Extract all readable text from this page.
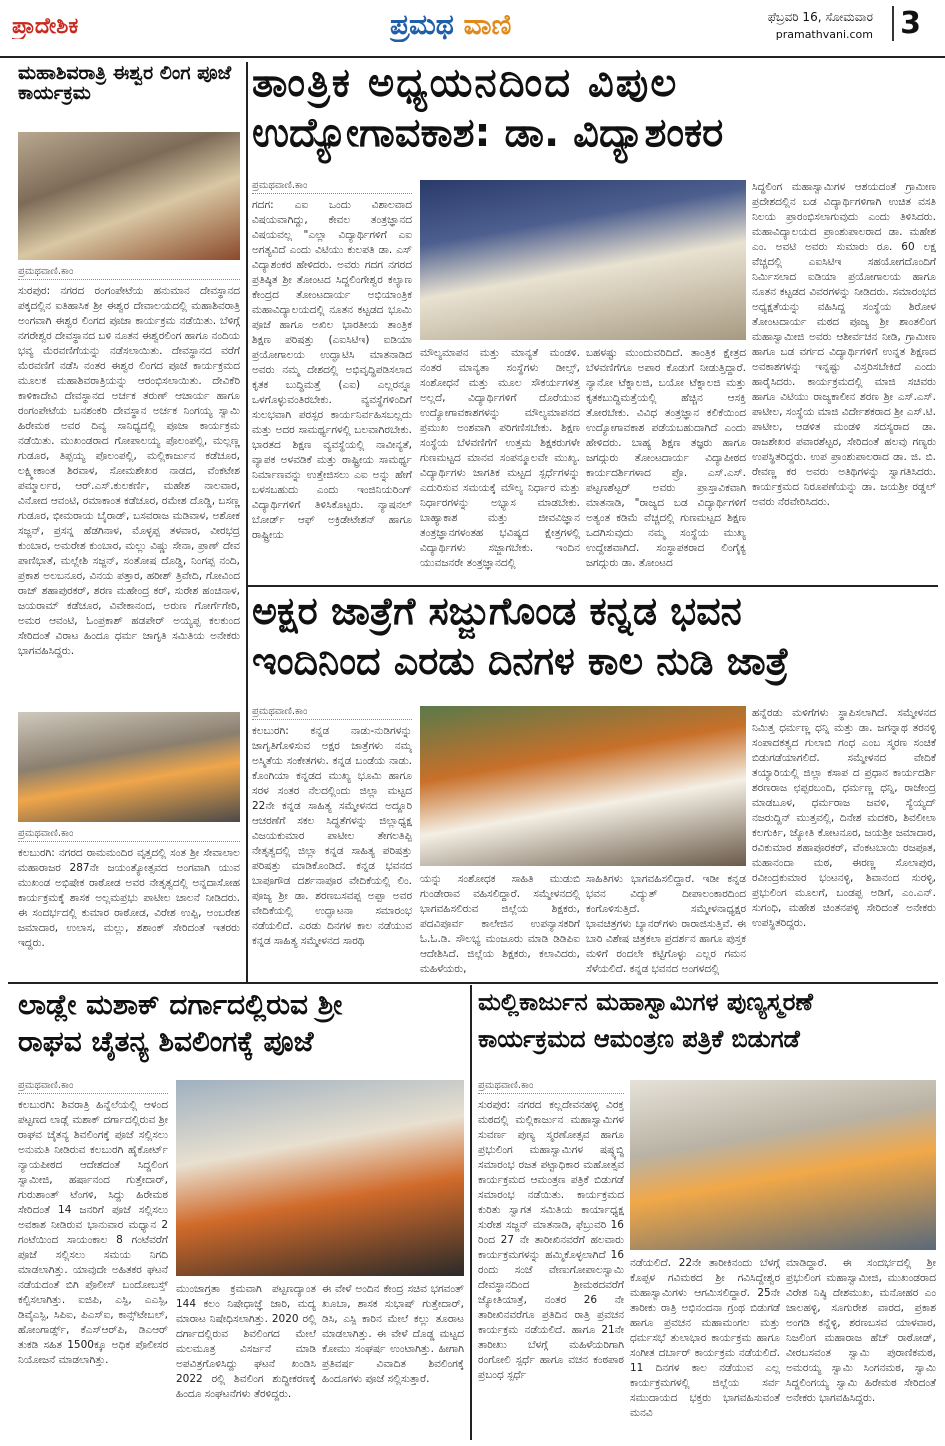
ಪ್ರಾದೇಶಿಕ	ಪ್ರಮಥ ವಾಣಿ	ಫೆಬ್ರವರಿ 16, ಸೋಮವಾರ
pramathvani.com 3
ಮಹಾಶಿವರಾತ್ರಿ ಈಶ್ವರ ಲಿಂಗ ಪೂಜೆ ಕಾರ್ಯಕ್ರಮ
ಪ್ರಮಥವಾಣಿ.ಕಾಂ
ಸುರಪುರ: ನಗರದ ರಂಗಂಪೇಟೆಯ ಹನುಮಾನ ದೇವಸ್ಥಾನದ ಪಕ್ಕದಲ್ಲಿನ ಐತಿಹಾಸಿಕ ಶ್ರೀ ಈಶ್ವರ ದೇವಾಲಯದಲ್ಲಿ ಮಹಾಶಿವರಾತ್ರಿ ಅಂಗವಾಗಿ ಈಶ್ವರ ಲಿಂಗದ ಪೂಜಾ ಕಾರ್ಯಕ್ರಮ ನಡೆಯಿತು. ಬೆಳಿಗ್ಗೆ ನಗರೇಶ್ವರ ದೇವಸ್ಥಾನದ ಬಳಿ ನೂತನ ಈಶ್ವರಲಿಂಗ ಹಾಗೂ ನಂದಿಯ ಭವ್ಯ ಮೆರವಣಿಗೆಯನ್ನು ನಡೆಸಲಾಯಿತು. ದೇವಸ್ಥಾನದ ವರೆಗೆ ಮೆರವಣಿಗೆ ನಡೆಸಿ ನಂತರ ಈಶ್ವರ ಲಿಂಗದ ಪೂಜೆ ಕಾರ್ಯಕ್ರಮದ ಮೂಲಕ ಮಹಾಶಿವರಾತ್ರಿಯನ್ನು ಆರಂಭಿಸಲಾಯಿತು. ದೇವಿಕೆರಿ ಕಾಳಿಕಾದೇವಿ ದೇವಸ್ಥಾನದ ಅರ್ಚಕ ತರುಣ್ ಆಚಾರ್ಯ ಹಾಗೂ ರಂಗಂಪೇಟೆಯ ಬನಶಂಕರಿ ದೇವಸ್ಥಾನ ಅರ್ಚಕ ನಿಂಗಯ್ಯ ಸ್ವಾಮಿ ಹಿರೇಮಠ ಅವರ ದಿವ್ಯ ಸಾನಿಧ್ಯದಲ್ಲಿ ಪೂಜಾ ಕಾರ್ಯಕ್ರಮ ನಡೆಯಿತು. ಮುಖಂಡರಾದ ಗೋಪಾಲಯ್ಯ ಪೊಲಂಪಲ್ಲಿ, ಮಲ್ಲಣ್ಣ ಗುಡೂರ, ತಿಪ್ಪಯ್ಯ ಪೊಲಂಪಲ್ಲಿ, ಮಲ್ಲಿಕಾರ್ಜುನ ಕಡೆಚೂರ, ಲಕ್ಷ್ಮೀಕಾಂತ ಶಿರವಾಳ, ಸೋಮಶೇಖರ ನಾಡದ, ವೆಂಕಟೇಶ ಪಮ್ಮಾರ್ಲರ, ಆರ್.ಎಸ್.ಕುಲಕರ್ಣಿ, ಮಹೇಶ ನಾಲವಾರ, ವಿನೋದ ಆವಂಟಿ, ರಮಾಕಾಂತ ಕಡೆಚೂರ, ರಮೇಶ ದೊಡ್ಡಿ, ಬಸಣ್ಣ ಗುಡೂರ, ಭೀಮರಾಯ ಬೈರಾಡ್, ಬಸವರಾಜ ಮಡಿವಾಳ, ಅಶೋಕ ಸಜ್ಜನ್, ಪ್ರಸನ್ನ ಹೆಡಗಿನಾಳ, ಮೊಳ್ಳಪ್ಪ ತಳವಾರ, ವೀರಭದ್ರ ಕುಂಬಾರ, ಅಮರೇಶ ಕುಂಬಾರ, ಮಲ್ಲು ವಿಷ್ಣು ಸೇನಾ, ಪ್ರಾಣ್ ದೇವ ಪಾಣಿಭಾತೆ, ಮಲ್ಲೇಶಿ ಸಜ್ಜನ್, ಸಂತೋಷ ದೊಡ್ಡಿ, ನಿಂಗಪ್ಪ ನಂದಿ, ಪ್ರಕಾಶ ಅಲಬನೂರ, ವಿನಯ ಪತ್ತಾರ, ಹರೀಶ್ ತ್ರಿವೇದಿ, ಗೋವಿಂದ ರಾಜ್ ಶಹಾಪುರಕರ್, ಶರಣ ಮಹೇಂದ್ರ ಕರ್, ಸುರೇಶ ಹಂಚಿನಾಳ, ಜಯರಾಮ್ ಕಡೆಚೂರ, ವಿವೇಕಾನಂದ, ಅರುಣ ಗೋರ್ಗೆಗೇರಿ, ಅಮರ ಆವಂಟಿ, ಓಂಪ್ರಕಾಶ್ ಹಡಪೇರ್ ಅಯ್ಯಪ್ಪ ಕಲಕುಂದ ಸೇರಿದಂತೆ ವಿರಾಟ ಹಿಂದೂ ಧರ್ಮ ಜಾಗೃತಿ ಸಮಿತಿಯ ಅನೇಕರು ಭಾಗವಹಿಸಿದ್ದರು.
ಪ್ರಮಥವಾಣಿ.ಕಾಂ
ಕಲಬುರಗಿ: ನಗರದ ರಾಮಮಂದಿರ ವೃತ್ತದಲ್ಲಿ ಸಂತ ಶ್ರೀ ಸೇವಾಲಾಲ ಮಹಾರಾಜರ 287ನೇ ಜಯಂತ್ಯೋತ್ಸವದ ಅಂಗವಾಗಿ ಯುವ ಮುಖಂಡ ಅಭಿಷೇಕ ರಾಠೋಡ ಅವರ ನೇತೃತ್ವದಲ್ಲಿ ಅನ್ನದಾಸೋಹ ಕಾರ್ಯಕ್ರಮಕ್ಕೆ ಶಾಸಕ ಅಲ್ಲಮಪ್ರಭು ಪಾಟೀಲ ಚಾಲನೆ ನೀಡಿದರು. ಈ ಸಂದರ್ಭದಲ್ಲಿ ಕುಮಾರ ರಾಠೋಡ, ವಿರೇಶ ಉಪ್ಪಿ, ಅಂಬರೇಶ ಜಮಾದಾರ, ಉಲಾಸ, ಮಲ್ಲು, ಶಶಾಂಕ್ ಸೇರಿದಂತೆ ಇತರರು ಇದ್ದರು.
ತಾಂತ್ರಿಕ ಅಧ್ಯಯನದಿಂದ ವಿಪುಲ
ಉದ್ಯೋಗಾವಕಾಶ: ಡಾ. ವಿದ್ಯಾಶಂಕರ
ಪ್ರಮಥವಾಣಿ.ಕಾಂ
ಗದಗ: ಎಐ ಒಂದು ವಿಶಾಲವಾದ ವಿಷಯವಾಗಿದ್ದು, ಕೇವಲ ತಂತ್ರಜ್ಞಾನದ ವಿಷಯವಲ್ಲ "ಎಲ್ಲಾ ವಿದ್ಯಾರ್ಥಿಗಳಿಗೆ ಎಐ ಅಗತ್ಯವಿದೆ ಎಂದು ವಿಟಿಯು ಕುಲಪತಿ ಡಾ. ಎಸ್ ವಿದ್ಯಾಶಂಕರ ಹೇಳಿದರು. ಅವರು ಗದಗ ನಗರದ ಪ್ರತಿಷ್ಠಿತ ಶ್ರೀ ತೋಂಟದ ಸಿದ್ದಲಿಂಗೇಶ್ವರ ಕಲ್ಯಾಣ ಕೇಂದ್ರದ ತೋಂಟದಾರ್ಯ ಅಭಿಯಾಂತ್ರಿಕ ಮಹಾವಿದ್ಯಾಲಯದಲ್ಲಿ ನೂತನ ಕಟ್ಟಡದ ಭೂಮಿ ಪೂಜೆ ಹಾಗೂ ಅಖಿಲ ಭಾರತೀಯ ತಾಂತ್ರಿಕ ಶಿಕ್ಷಣ ಪರಿಷತ್ತು (ಎಐಸಿಟಿಇ) ಐಡಿಯಾ ಪ್ರಯೋಗಾಲಯ ಉದ್ಘಾಟಿಸಿ ಮಾತನಾಡಿದ ಅವರು ನಮ್ಮ ದೇಶದಲ್ಲಿ ಅಭಿವೃದ್ಧಿಪಡಿಸಲಾದ ಕೃತಕ ಬುದ್ಧಿಮತ್ತೆ (ಎಐ) ಎಲ್ಲರನ್ನೂ ಒಳಗೊಳ್ಳುವಂತಿರಬೇಕು. ವ್ಯವಸ್ಥೆಗಳಿಂದಿಗೆ ಸುಲಭವಾಗಿ ಪರಸ್ಪರ ಕಾರ್ಯನಿರ್ವಹಿಸಬಲ್ಲದು ಮತ್ತು ಅದರ ಸಾಮರ್ಥ್ಯಗಳಲ್ಲಿ ಬಲವಾಗಿರಬೇಕು. ಭಾರತದ ಶಿಕ್ಷಣ ವ್ಯವಸ್ಥೆಯಲ್ಲಿ ನಾವೀನ್ಯತೆ, ವ್ಯಾಪಕ ಅಳವಡಿಕೆ ಮತ್ತು ರಾಷ್ಟ್ರೀಯ ಸಾಮರ್ಥ್ಯ ನಿರ್ಮಾಣವನ್ನು ಉತ್ತೇಜಿಸಲು ಎಐ ಅನ್ನು ಹೇಗೆ ಬಳಸಬಹುದು ಎಂದು ಇಂಜಿನಿಯರಿಂಗ್ ವಿದ್ಯಾರ್ಥಿಗಳಿಗೆ ತಿಳಿಸಿಕೊಟ್ಟರು. ನ್ಯಾಷನಲ್ ಬೋರ್ಡ್ ಆಫ್ ಅಕ್ರಿಡೇಟೇಶನ್ ಹಾಗೂ ರಾಷ್ಟ್ರೀಯ
ಮೌಲ್ಯಮಾಪನ ಮತ್ತು ಮಾನ್ಯತೆ ಮಂಡಳಿ. ನಂತರ ಮಾನ್ಯತಾ ಸಂಸ್ಥೆಗಳು ಡೀಲ್ಸ್, ಸಂಶೋಧನೆ ಮತ್ತು ಮೂಲ ಸೌಕರ್ಯಗಳತ್ತ ಅಲ್ಲದೆ, ವಿದ್ಯಾರ್ಥಿಗಳಿಗೆ ದೊರೆಯುವ ಉದ್ಯೋಗಾವಕಾಶಗಳನ್ನು ಮೌಲ್ಯಮಾಪನದ ಪ್ರಮುಖ ಅಂಶವಾಗಿ ಪರಿಗಣಿಸಬೇಕು. ಶಿಕ್ಷಣ ಸಂಸ್ಥೆಯ ಬೆಳವಣಿಗೆಗೆ ಉತ್ತಮ ಶಿಕ್ಷಕರುಗಳೇ ಗುಣಮಟ್ಟದ ಮಾನವ ಸಂಪನ್ಮೂಲವೇ ಮುಖ್ಯ. ವಿದ್ಯಾರ್ಥಿಗಳು ಜಾಗತಿಕ ಮಟ್ಟದ ಸ್ಪರ್ಧೆಗಳನ್ನು ಎದುರಿಸುವ ಸಮಯಕ್ಕೆ ಮೌಲ್ಯ ನಿರ್ಧಾರ ಮತ್ತು ನಿರ್ಧಾರಗಳನ್ನು ಅಭ್ಯಾಸ ಮಾಡಬೇಕು. ಬಾಹ್ಯಾಕಾಶ ಮತ್ತು ಜೀವವಿಜ್ಞಾನ ತಂತ್ರಜ್ಞಾನಗಳಂತಹ ಭವಿಷ್ಯದ ಕ್ಷೇತ್ರಗಳಲ್ಲಿ ವಿದ್ಯಾರ್ಥಿಗಳು ಸಜ್ಜಾಗಬೇಕು. ಇಂದಿನ ಯುವಜನರೇ ತಂತ್ರಜ್ಞಾನದಲ್ಲಿ
ಬಹಳಷ್ಟು ಮುಂದುವರಿದಿದೆ. ತಾಂತ್ರಿಕ ಕ್ಷೇತ್ರದ ಬೆಳವಣಿಗೆಗೂ ಅಪಾರ ಕೊಡುಗೆ ನೀಡುತ್ತಿದ್ದಾರೆ. ನ್ಯಾನೋ ಟೆಕ್ನಾಲಜಿ, ಬಯೋ ಟೆಕ್ನಾಲಜಿ ಮತ್ತು ಕೃತಕಬುದ್ಧಿಮತ್ತೆಯಲ್ಲಿ ಹೆಚ್ಚಿನ ಆಸಕ್ತಿ ತೋರಬೇಕು. ವಿವಿಧ ತಂತ್ರಜ್ಞಾನ ಕಲಿಕೆಯಿಂದ ಉದ್ಯೋಗಾವಕಾಶ ಪಡೆಯಬಹುದಾಗಿದೆ ಎಂದು ಹೇಳಿದರು. ಬಾಹ್ಯ ಶಿಕ್ಷಣ ತಜ್ಞರು ಹಾಗೂ ಜಗದ್ಗುರು ತೋಂಟದಾರ್ಯ ವಿದ್ಯಾಪೀಠದ ಕಾರ್ಯದರ್ಶಿಗಳಾದ ಪ್ರೊ. ಎಸ್.ಎಸ್. ಪಟ್ಟಣಶೆಟ್ಟರ್ ಅವರು ಪ್ರಾಸ್ತಾವಿಕವಾಗಿ ಮಾತನಾಡಿ, "ರಾಜ್ಯದ ಬಡ ವಿದ್ಯಾರ್ಥಿಗಳಿಗೆ ಅತ್ಯಂತ ಕಡಿಮೆ ವೆಚ್ಚದಲ್ಲಿ ಗುಣಮಟ್ಟದ ಶಿಕ್ಷಣ ಒದಗಿಸುವುದು ನಮ್ಮ ಸಂಸ್ಥೆಯ ಮುಖ್ಯ ಉದ್ದೇಶವಾಗಿದೆ. ಸಂಸ್ಥಾಪಕರಾದ ಲಿಂಗೈಕ್ಯ ಜಗದ್ಗುರು ಡಾ. ತೋಂಟದ
ಸಿದ್ಧಲಿಂಗ ಮಹಾಸ್ವಾಮಿಗಳ ಆಶಯದಂತೆ ಗ್ರಾಮೀಣ ಪ್ರದೇಶದಲ್ಲಿನ ಬಡ ವಿದ್ಯಾರ್ಥಿಗಳಿಗಾಗಿ ಉಚಿತ ವಸತಿ ನಿಲಯ ಪ್ರಾರಂಭಿಸಲಾಗುವುದು ಎಂದು ತಿಳಿಸಿದರು. ಮಹಾವಿದ್ಯಾಲಯದ ಪ್ರಾಂಶುಪಾಲರಾದ ಡಾ. ಮಹೇಶ ಎಂ. ಅವಟಿ ಅವರು ಸುಮಾರು ರೂ. 60 ಲಕ್ಷ ವೆಚ್ಚದಲ್ಲಿ ಎಐಸಿಟಿಇ ಸಹಯೋಗದೊಂದಿಗೆ ನಿರ್ಮಿಸಲಾದ ಐಡಿಯಾ ಪ್ರಯೋಗಾಲಯ ಹಾಗೂ ನೂತನ ಕಟ್ಟಡದ ವಿವರಗಳನ್ನು ನೀಡಿದರು. ಸಮಾರಂಭದ ಅಧ್ಯಕ್ಷತೆಯನ್ನು ವಹಿಸಿದ್ದ ಸಂಸ್ಥೆಯ ಶಿರೋಳ ತೋಂಟದಾರ್ಯ ಮಠದ ಪೂಜ್ಯ ಶ್ರೀ ಶಾಂತಲಿಂಗ ಮಹಾಸ್ವಾಮೀಜಿ ಅವರು ಆಶೀರ್ವಚನ ನೀಡಿ, ಗ್ರಾಮೀಣ ಹಾಗೂ ಬಡ ವರ್ಗದ ವಿದ್ಯಾರ್ಥಿಗಳಿಗೆ ಉನ್ನತ ಶಿಕ್ಷಣದ ಅವಕಾಶಗಳನ್ನು ಇನ್ನಷ್ಟು ವಿಸ್ತರಿಸಬೇಕಿದೆ ಎಂದು ಹಾರೈಸಿದರು. ಕಾರ್ಯಕ್ರಮದಲ್ಲಿ ಮಾಜಿ ಸಚಿವರು ಹಾಗೂ ವಿಟಿಯು ರಾಜ್ಯಕಾಲೀನ ಶರಣ ಶ್ರೀ ಎಸ್.ಎಸ್. ಪಾಟೀಲ, ಸಂಸ್ಥೆಯ ಮಾಜಿ ವಿರ್ದೇಶಕರಾದ ಶ್ರೀ ಎಸ್.ಟಿ. ಪಾಟೀಲ, ಆಡಳಿತ ಮಂಡಳಿ ಸದಸ್ಯರಾದ ಡಾ. ರಾಜಶೇಖರ ಪವಾರಶೆಟ್ಟರ, ಸೇರಿದಂತೆ ಹಲವು ಗಣ್ಯರು ಉಪಸ್ಥಿತರಿದ್ದರು. ಉಪ ಪ್ರಾಂಶುಪಾಲರಾದ ಡಾ. ಜಿ. ಬಿ. ರೇವಣ್ಣ ಕರ ಅವರು ಅತಿಥಿಗಳನ್ನು ಸ್ವಾಗತಿಸಿದರು. ಕಾರ್ಯಕ್ರಮದ ನಿರೂಪಣೆಯನ್ನು ಡಾ. ಜಯಶ್ರೀ ರಡ್ಡಲ್ ಅವರು ನೆರವೇರಿಸಿದರು.
ಅಕ್ಷರ ಜಾತ್ರೆಗೆ ಸಜ್ಜುಗೊಂಡ ಕನ್ನಡ ಭವನ
ಇಂದಿನಿಂದ ಎರಡು ದಿನಗಳ ಕಾಲ ನುಡಿ ಜಾತ್ರೆ
ಪ್ರಮಥವಾಣಿ.ಕಾಂ
ಕಲಬುರಗಿ: ಕನ್ನಡ ನಾಡು-ನುಡಿಗಳನ್ನು ಜಾಗೃತಿಗೊಳಿಸುವ ಅಕ್ಷರ ಜಾತ್ರೆಗಳು ನಮ್ಮ ಅಸ್ಮಿತೆಯ ಸಂಕೇತಗಳು. ಕನ್ನಡ ಬಂಡೆಯ ನಾಡು. ಕೊಂಗಿಯಾ ಕನ್ನಡದ ಮುಖ್ಯ ಭೂಮಿ ಹಾಗೂ ಸರಳ ಸಂತರ ನೆಲದಲ್ಲಿಂದು ಜಿಲ್ಲಾ ಮಟ್ಟದ 22ನೇ ಕನ್ನಡ ಸಾಹಿತ್ಯ ಸಮ್ಮೇಳನದ ಅದ್ದೂರಿ ಆಚರಣೆಗೆ ಸಕಲ ಸಿದ್ಧತೆಗಳನ್ನು ಜಿಲ್ಲಾಧ್ಯಕ್ಷ ವಿಜಯಕುಮಾರ ಪಾಟೀಲ ತೇಗಲತಿಪ್ಪಿ ನೇತೃತ್ವದಲ್ಲಿ ಜಿಲ್ಲಾ ಕನ್ನಡ ಸಾಹಿತ್ಯ ಪರಿಷತ್ತು ಪರಿಷತ್ತು ಮಾಡಿಕೊಂಡಿದೆ. ಕನ್ನಡ ಭವನದ ಬಾಪೂಗೌಡ ದರ್ಶನಾಪೂರ ವೇದಿಕೆಯಲ್ಲಿ ಲಿಂ. ಪೂಜ್ಯ ಶ್ರೀ ಡಾ. ಶರಣಬಸವಪ್ಪ ಅಪ್ಪಾ ಅವರ ವೇದಿಕೆಯಲ್ಲಿ ಉದ್ಘಾಟನಾ ಸಮಾರಂಭ ನಡೆಯಲಿದೆ. ಎರಡು ದಿನಗಳ ಕಾಲ ನಡೆಯುವ ಕನ್ನಡ ಸಾಹಿತ್ಯ ಸಮ್ಮೇಳನದ ಸಾರಥಿ
ಯನ್ನು ಸಂಶೋಧಕ ಸಾಹಿತಿ ಮುಡುಬಿ ಗುಂಡೇರಾವ ವಹಿಸಲಿದ್ದಾರೆ. ಸಮ್ಮೇಳನದಲ್ಲಿ ಭಾಗವಹಿಸಲಿರುವ ಜಿಲ್ಲೆಯ ಶಿಕ್ಷಕರು, ಪದವಿಪೂರ್ವ ಕಾಲೇಜಿನ ಉಪನ್ಯಾಸಕರಿಗೆ ಓ.ಓ.ಡಿ. ಸೌಲಭ್ಯ ಮಂಜೂರು ಮಾಡಿ ಡಿಡಿಪಿಐ ಆದೇಶಿಸಿದೆ. ಜಿಲ್ಲೆಯ ಶಿಕ್ಷಕರು, ಕಲಾವಿದರು, ಮಹಿಳೆಯರು,
ಸಾಹಿತಿಗಳು ಭಾಗವಹಿಸಲಿದ್ದಾರೆ. ಇಡೀ ಕನ್ನಡ ಭವನ ವಿದ್ಯುತ್ ದೀಪಾಲಂಕಾರದಿಂದ ಕಂಗೊಳಿಸುತ್ತಿದೆ. ಸಮ್ಮೇಳನಾಧ್ಯಕ್ಷರ ಭಾವಚಿತ್ರಗಳು ಬ್ಯಾನರ್‌ಗಳು ರಾರಾಜಿಸುತ್ತಿವೆ. ಈ ಬಾರಿ ವಿಶೇಷ ಚಿತ್ರಕಲಾ ಪ್ರದರ್ಶನ ಹಾಗೂ ಪುಸ್ತಕ ಮಳಿಗೆ ರಂದಲೇ ಕಟ್ಟಿಗೊಳ್ಳು ಎಲ್ಲರ ಗಮನ ಸೆಳೆಯಲಿದೆ. ಕನ್ನಡ ಭವನದ ಅಂಗಳದಲ್ಲಿ
ಹನ್ನೆರಡು ಮಳಿಗೆಗಳು ಸ್ಥಾಪಿಸಲಾಗಿದೆ. ಸಮ್ಮೇಳನದ ನಿಮಿತ್ತ ಧರ್ಮಣ್ಣ ಧನ್ನಿ ಮತ್ತು ಡಾ. ಜಗನ್ನಾಥ ತರನಳ್ಳಿ ಸಂಪಾದಕತ್ವದ ಗುಲಾಬಿ ಗಂಧ ಎಂಬ ಸ್ಮರಣ ಸಂಚಿಕೆ ಬಿಡುಗಡೆಯಾಗಲಿದೆ. ಸಮ್ಮೇಳನದ ವೇದಿಕೆ ತಯ್ಯಾರಿಯಲ್ಲಿ ಜಿಲ್ಲಾ ಕಸಾಪ ದ ಪ್ರಧಾನ ಕಾರ್ಯದರ್ಶಿ ಶರಣರಾಜ ಛಪ್ಪರಬಂದಿ, ಧರ್ಮಣ್ಣ ಧನ್ನಿ, ರಾಜೇಂದ್ರ ಮಾಡಬೂಳ, ಧರ್ಮರಾಜ ಜವಳಿ, ಸ್ಯೆಯ್ಯದ್ ನಜರುದ್ದಿನ್ ಮುತ್ತವಲ್ಲಿ, ದಿನೇಶ ಮದಕರಿ, ಶಿವಲೀಲಾ ಕಲಗುರ್ಕಿ, ಜ್ಯೋತಿ ಕೋಟನೂರ, ಜಯಶ್ರೀ ಜಮಾದಾರ, ರವಿಕುಮಾರ ಶಹಾಪೂರಕರ್, ವೆಂಕಟಬಾಯಿ ರಜಪೂತ, ಮಹಾನಂದಾ ಮಠ, ಈರಣ್ಣ ಸೊಲಾಪುರ, ರವೀಂದ್ರಕುಮಾರ ಭಂಟನಳ್ಳಿ, ಶಿವಾನಂದ ಸುರಳ್ಳಿ, ಪ್ರಭುಲಿಂಗ ಮೂಲಗೆ, ಬಂಡಪ್ಪ ಅಡಿಗೆ, ಎಂ.ಎನ್. ಸುಗಂಧಿ, ಮಹೇಶ ಚಿಂತನಪಳ್ಳಿ ಸೇರಿದಂತೆ ಅನೇಕರು ಉಪಸ್ಥಿತರಿದ್ದರು.
ಲಾಡ್ಲೇ ಮಶಾಕ್ ದರ್ಗಾದಲ್ಲಿರುವ ಶ್ರೀ
ರಾಘವ ಚೈತನ್ಯ ಶಿವಲಿಂಗಕ್ಕೆ ಪೂಜೆ
ಪ್ರಮಥವಾಣಿ.ಕಾಂ
ಕಲಬುರಗಿ: ಶಿವರಾತ್ರಿ ಹಿನ್ನೆಲೆಯಲ್ಲಿ ಆಳಂದ ಪಟ್ಟಣದ ಲಾಡ್ಲೆ ಮಶಾಕ್ ದರ್ಗಾದಲ್ಲಿರುವ ಶ್ರೀ ರಾಘವ ಚೈತನ್ಯ ಶಿವಲಿಂಗಕ್ಕೆ ಪೂಜೆ ಸಲ್ಲಿಸಲು ಅನುಮತಿ ನೀಡಿರುವ ಕಲಬುರಗಿ ಹೈಕೋರ್ಟ್ ನ್ಯಾಯಪೀಠದ ಆದೇಶದಂತೆ ಸಿದ್ದಲಿಂಗ ಸ್ವಾಮೀಜಿ, ಹರ್ಷಾನಂದ ಗುತ್ತೇದಾರ್, ಗುರುಶಾಂತ್ ಟೆಂಗಳಿ, ಸಿದ್ದು ಹಿರೇಮಠ ಸೇರಿದಂತೆ 14 ಜನರಿಗೆ ಪೂಜೆ ಸಲ್ಲಿಸಲು ಅವಕಾಶ ನೀಡಿರುವ ಭಾನುವಾರ ಮಧ್ಯಾನ 2 ಗಂಟೆಯಿಂದ ಸಾಯಂಕಾಲ 8 ಗಂಟೆವರೆಗೆ ಪೂಜೆ ಸಲ್ಲಿಸಲು ಸಮಯ ನಿಗದಿ ಮಾಡಲಾಗಿತ್ತು. ಯಾವುದೇ ಅಹಿತಕರ ಘಟನೆ ನಡೆಯದಂತೆ ಬಿಗಿ ಪೊಲೀಸ್ ಬಂದೋಬಸ್ತ್ ಕಲ್ಪಿಸಲಾಗಿತ್ತು. ಐಜಿಪಿ, ಎಸ್ಪಿ, ಎಎಸ್ಪಿ, ಡಿವೈಎಸ್ಪಿ, ಸಿಪಿಐ, ಪಿಎಸ್ಐ, ಕಾನ್ಸ್‌ಟೇಬಲ್, ಹೋಂಗಾರ್ಡ್ಸ್, ಕೆಎಸ್ಆರ್‌ಪಿ, ಡಿಎಆರ್ ತುಕಡಿ ಸಹಿತ 1500ಕ್ಕೂ ಅಧಿಕ ಪೊಲೀಸರ ನಿಯೋಜನೆ ಮಾಡಲಾಗಿತ್ತು.
ಮುಂಜಾಗ್ರತಾ ಕ್ರಮವಾಗಿ ಪಟ್ಟಣದ್ಯಾಂತ 144 ಕಲಂ ನಿಷೇಧಾಜ್ಞೆ ಜಾರಿ, ಮದ್ಯ ಮಾರಾಟ ನಿಷೇಧಿಸಲಾಗಿತ್ತು. 2020 ರಲ್ಲಿ ದರ್ಗಾದಲ್ಲಿರುವ ಶಿವಲಿಂಗದ ಮೇಲೆ ಮಲಮೂತ್ರ ವಿಸರ್ಜನೆ ಮಾಡಿ ಅಪವಿತ್ರಗೊಳಿಸಿದ್ದು ಘಟನೆ ಖಂಡಿಸಿ 2022 ರಲ್ಲಿ ಶಿವಲಿಂಗ ಶುದ್ಧೀಕರಣಕ್ಕೆ ಹಿಂದೂ ಸಂಘಟನೆಗಳು ತೆರಳಿದ್ದರು.
ಈ ವೇಳೆ ಅಂದಿನ ಕೇಂದ್ರ ಸಚಿವ ಭಗವಂತ್ ಖೂಬಾ, ಶಾಸಕ ಸುಭಾಷ್ ಗುತ್ತೇದಾರ್, ಡಿಸಿ, ಎಸ್ಪಿ ಕಾರಿನ ಮೇಲೆ ಕಲ್ಲು ತೂರಾಟ ಮಾಡಲಾಗಿತ್ತು. ಈ ವೇಳೆ ದೊಡ್ಡ ಮಟ್ಟದ ಕೋಮು ಸಂಘರ್ಷ ಉಂಟಾಗಿತ್ತು. ಹೀಗಾಗಿ ಪ್ರತಿವರ್ಷ ವಿವಾದಿತ ಶಿವಲಿಂಗಕ್ಕೆ ಹಿಂದೂಗಳು ಪೂಜೆ ಸಲ್ಲಿಸುತ್ತಾರೆ.
ಮಲ್ಲಿಕಾರ್ಜುನ ಮಹಾಸ್ವಾಮಿಗಳ ಪುಣ್ಯಸ್ಮರಣೆ
ಕಾರ್ಯಕ್ರಮದ ಆಮಂತ್ರಣ ಪತ್ರಿಕೆ ಬಿಡುಗಡೆ
ಪ್ರಮಥವಾಣಿ.ಕಾಂ
ಸುರಪುರ: ನಗರದ ಕಲ್ಲದೇವನಹಳ್ಳಿ ವಿರಕ್ತ ಮಠದಲ್ಲಿ ಮಲ್ಲಿಕಾರ್ಜುನ ಮಹಾಸ್ವಾಮಿಗಳ ಸುವರ್ಣ ಪುಣ್ಯ ಸ್ಮರಣೋತ್ಸವ ಹಾಗೂ ಪ್ರಭುಲಿಂಗ ಮಹಾಸ್ವಾಮಿಗಳ ಷಷ್ಠ್ಯಬ್ಧಿ ಸಮಾರಂಭ ರಜತ ಪಟ್ಟಾಧಿಕಾರ ಮಹೋತ್ಸವ ಕಾರ್ಯಕ್ರಮದ ಆಮಂತ್ರಣ ಪತ್ರಿಕೆ ಬಿಡುಗಡೆ ಸಮಾರಂಭ ನಡೆಯಿತು. ಕಾರ್ಯಕ್ರಮದ ಕುರಿತು ಸ್ವಾಗತ ಸಮಿತಿಯ ಕಾರ್ಯಾಧ್ಯಕ್ಷ ಸುರೇಶ ಸಜ್ಜನ್ ಮಾತನಾಡಿ, ಫೆಬ್ರುವರಿ 16 ರಿಂದ 27 ನೇ ತಾರೀಖಿನವರೆಗೆ ಹಲವಾರು ಕಾರ್ಯಕ್ರಮಗಳನ್ನು ಹಮ್ಮಿಕೊಳ್ಳಲಾಗಿದೆ 16 ರಂದು ಸಂಜೆ ವೇಣುಗೋಪಾಲಸ್ವಾಮಿ ದೇವಸ್ಥಾನದಿಂದ ಶ್ರೀಮಠದವರೆಗೆ ಜ್ಯೋತಿಯಾತ್ರೆ, ನಂತರ 26 ನೇ ತಾರೀಖಿನವರೆಗೂ ಪ್ರತಿದಿನ ರಾತ್ರಿ ಪ್ರವಚನ ಕಾರ್ಯಕ್ರಮ ನಡೆಯಲಿದೆ. ಹಾಗೂ 21ನೇ ತಾರೀಖು ಬೆಳಗ್ಗೆ ಮಹಿಳೆಯರಿಗಾಗಿ ರಂಗೋಲಿ ಸ್ಪರ್ಧೆ ಹಾಗೂ ವಚನ ಕಂಠಪಾಠ ಪ್ರಬಂಧ ಸ್ಪರ್ಧೆ
ನಡೆಯಲಿದೆ. 22ನೇ ತಾರೀಕಿನಂದು ಬೆಳಗ್ಗೆ ಕೊಪ್ಪಳ ಗವಿಮಠದ ಶ್ರೀ ಗವಿಸಿದ್ದೇಶ್ವರ ಮಹಾಸ್ವಾಮಿಗಳು ಆಗಮಿಸಲಿದ್ದಾರೆ. 25ನೇ ತಾರೀಕು ರಾತ್ರಿ ಅಭಿನಂದನಾ ಗ್ರಂಥ ಬಿಡುಗಡೆ ಹಾಗೂ ಪ್ರವಚನ ಮಹಾಮಂಗಲ ಮತ್ತು ಧರ್ಮಸಭೆ ತುಲಾಭಾರ ಕಾರ್ಯಕ್ರಮ ಹಾಗೂ ಸಂಗೀತ ದರ್ಬಾರ್ ಕಾರ್ಯಕ್ರಮ ನಡೆಯಲಿದೆ. 11 ದಿನಗಳ ಕಾಲ ನಡೆಯುವ ಎಲ್ಲ ಕಾರ್ಯಕ್ರಮಗಳಲ್ಲಿ ಜಿಲ್ಲೆಯ ಸರ್ವ ಸಮುದಾಯದ ಭಕ್ತರು ಭಾಗವಹಿಸುವಂತೆ ಮನವಿ
ಮಾಡಿದ್ದಾರೆ. ಈ ಸಂದರ್ಭದಲ್ಲಿ ಶ್ರೀ ಪ್ರಭುಲಿಂಗ ಮಹಾಸ್ವಾಮೀಜಿ, ಮುಖಂಡರಾದ ವಿರೇಶ ನಿಷ್ಠಿ ದೇಶಮುಖ, ಮನೋಹರ ಎಂ ಜಾಲಹಳ್ಳಿ, ಸೂಗುರೇಶ ವಾರದ, ಪ್ರಕಾಶ ಅಂಗಡಿ ಕನ್ನೆಳ್ಳಿ, ಶರಣಬಸವ ಯಾಳವಾರ, ನಿಜಲಿಂಗ ಮಹಾರಾಜ ಹೆಚ್ ರಾಠೋಡ್, ವೀರಬಸವಂತ ಸ್ವಾಮಿ ಪುರಾಣಿಕಮಠ, ಅಮರಯ್ಯ ಸ್ವಾಮಿ ಸಿಂಗನಮಠ, ಸ್ವಾಮಿ ಸಿದ್ದಲಿಂಗಯ್ಯ ಸ್ವಾಮಿ ಹಿರೇಮಠ ಸೇರಿದಂತೆ ಅನೇಕರು ಭಾಗವಹಿಸಿದ್ದರು.
